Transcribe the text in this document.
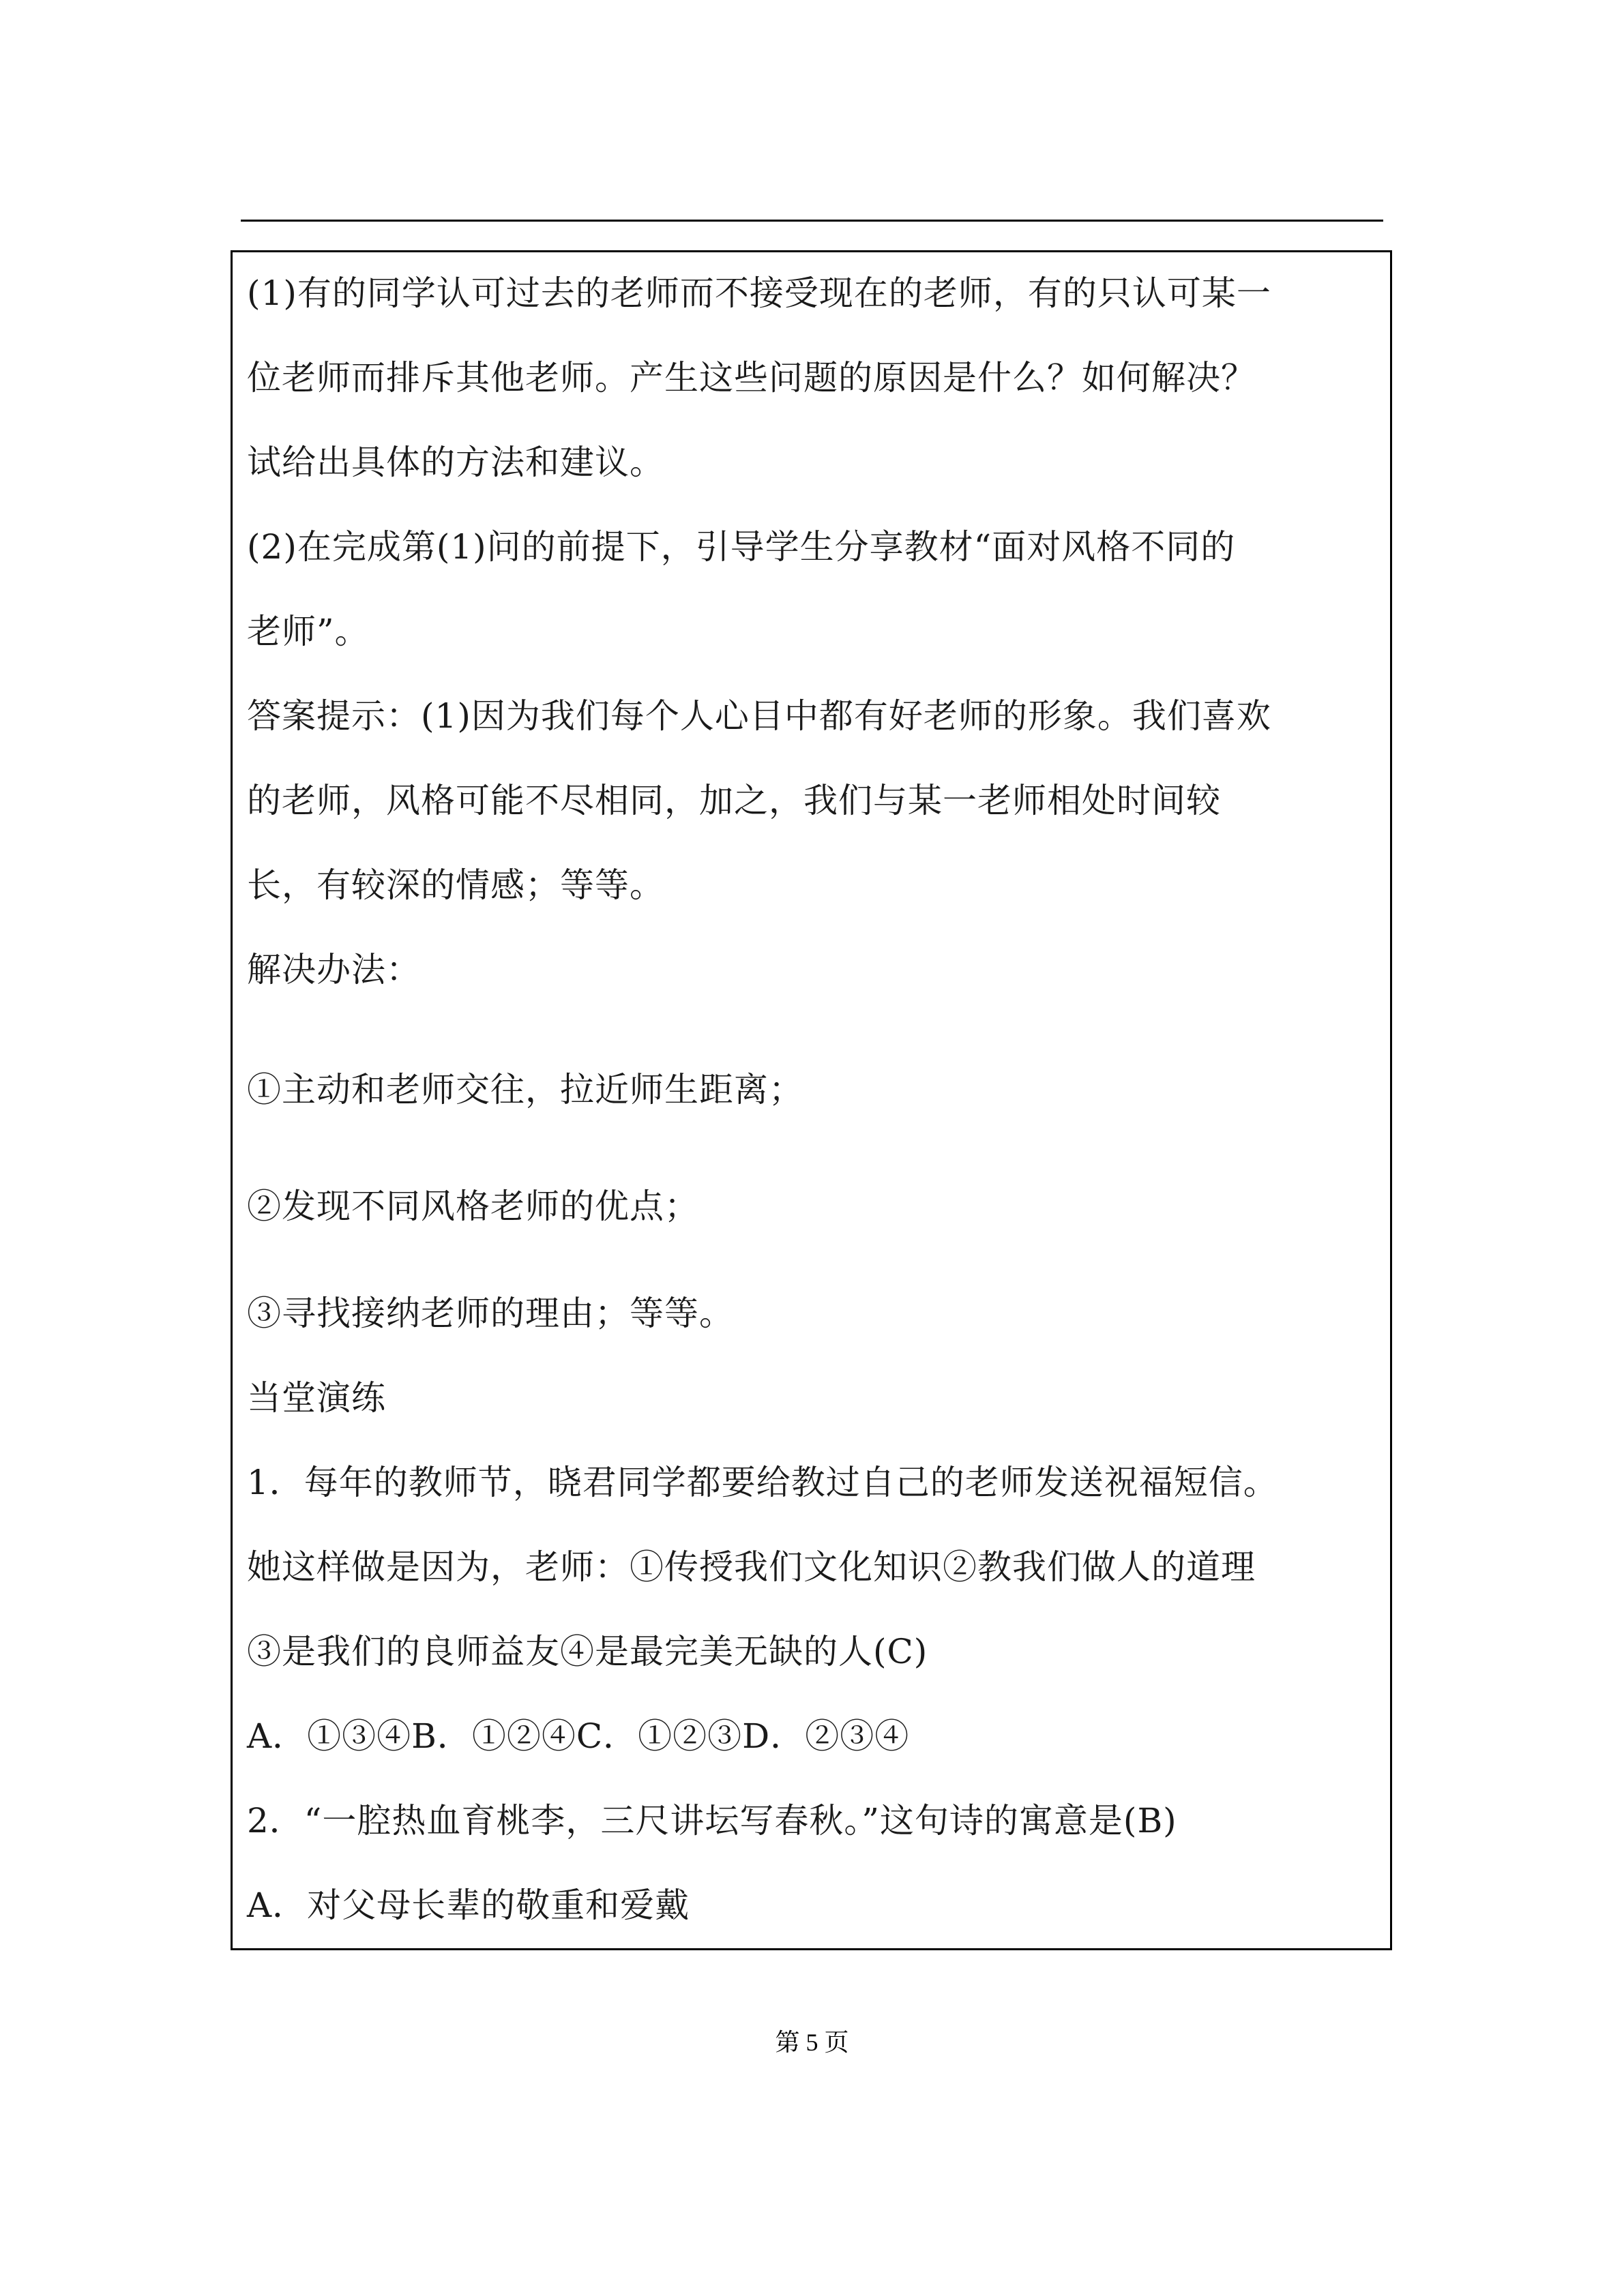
(1)有的同学认可过去的老师而不接受现在的老师，有的只认可某一

位老师而排斥其他老师。产生这些问题的原因是什么？如何解决？

试给出具体的方法和建议。

(2)在完成第(1)问的前提下，引导学生分享教材“面对风格不同的

老师”。

答案提示：(1)因为我们每个人心目中都有好老师的形象。我们喜欢

的老师，风格可能不尽相同，加之，我们与某一老师相处时间较

长，有较深的情感；等等。

解决办法：

①主动和老师交往，拉近师生距离；

②发现不同风格老师的优点；

③寻找接纳老师的理由；等等。

当堂演练

1．每年的教师节，晓君同学都要给教过自己的老师发送祝福短信。

她这样做是因为，老师：①传授我们文化知识②教我们做人的道理

③是我们的良师益友④是最完美无缺的人(C)

A．①③④B．①②④C．①②③D．②③④

2．“一腔热血育桃李，三尺讲坛写春秋。”这句诗的寓意是(B)

A．对父母长辈的敬重和爱戴

第 5 页
